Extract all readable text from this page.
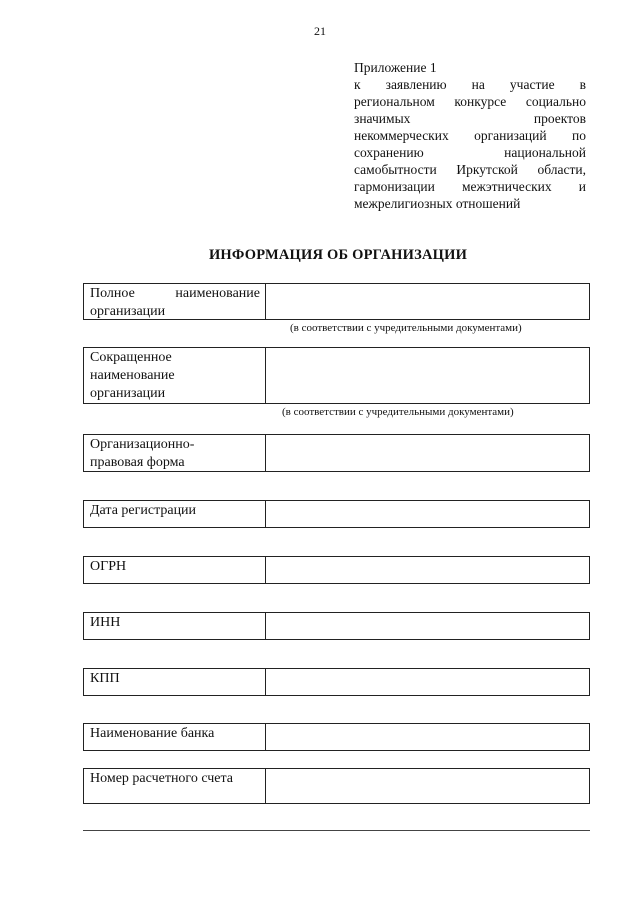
21
Приложение 1
к заявлению на участие в
региональном конкурсе социально
значимых проектов
некоммерческих организаций по
сохранению национальной
самобытности Иркутской области,
гармонизации межэтнических и
межрелигиозных отношений
ИНФОРМАЦИЯ ОБ ОРГАНИЗАЦИИ
Полное наименование
организации
(в соответствии с учредительными документами)
Сокращенное
наименование
организации
(в соответствии с учредительными документами)
Организационно-
правовая форма
Дата регистрации
ОГРН
ИНН
КПП
Наименование банка
Номер расчетного счета
